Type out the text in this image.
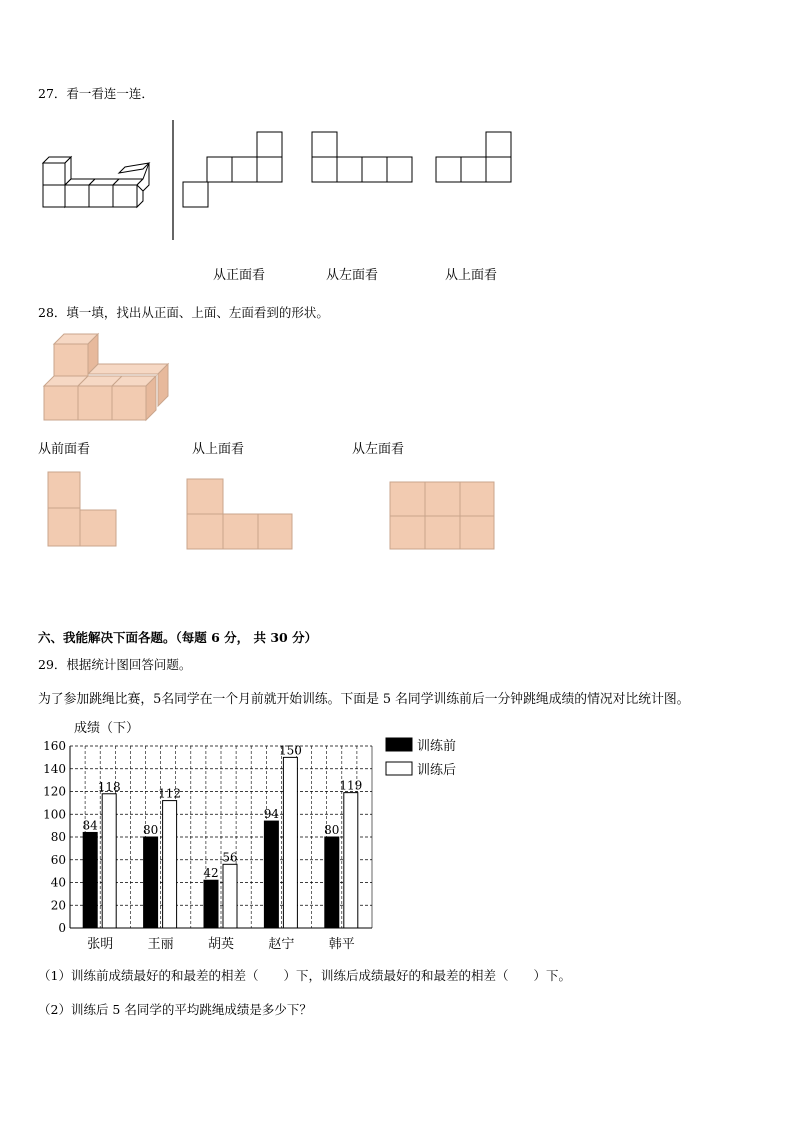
27．看一看连一连．
从正面看	从左面看	从上面看
28．填一填，找出从正面、上面、左面看到的形状。
从前面看	从上面看	从左面看
六、我能解决下面各题。（每题 6 分， 共 30 分）
29．根据统计图回答问题。
为了参加跳绳比赛，5名同学在一个月前就开始训练。下面是 5 名同学训练前后一分钟跳绳成绩的情况对比统计图。
成绩（下）
0
20
40
60
80
100
120
140
160
84
118
张明
80
112
王丽
42
56
胡英
94
150
赵宁
80
119
韩平
训练前
训练后
（1）训练前成绩最好的和最差的相差（　　）下，训练后成绩最好的和最差的相差（　　）下。
（2）训练后 5 名同学的平均跳绳成绩是多少下？
